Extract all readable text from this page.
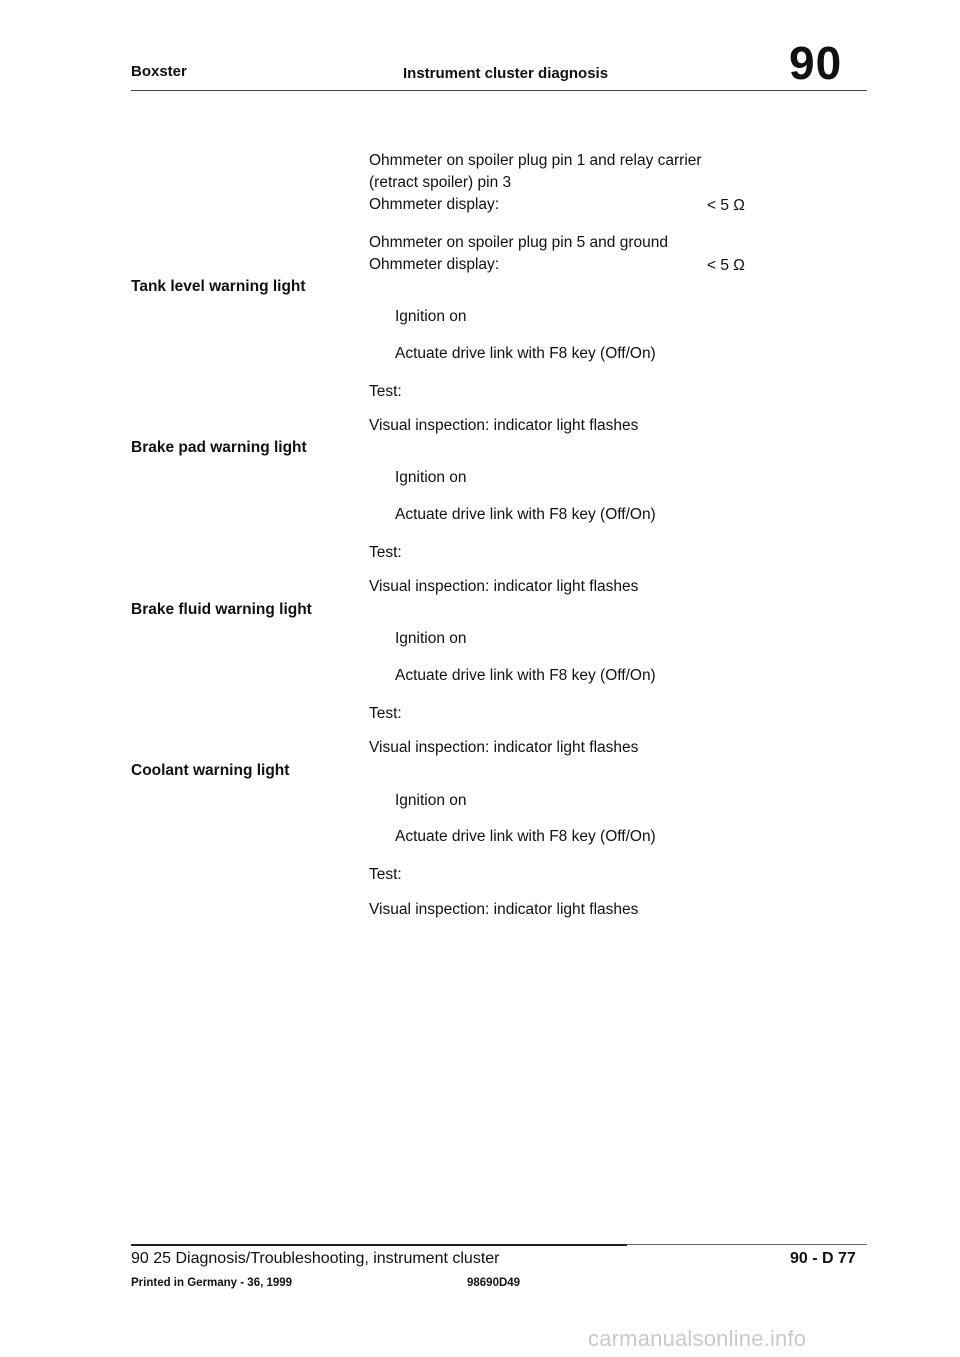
Boxster	Instrument cluster diagnosis	90
Ohmmeter on spoiler plug pin 1 and relay carrier
(retract spoiler) pin 3
Ohmmeter display:	< 5 Ω
Ohmmeter on spoiler plug pin 5 and ground
Ohmmeter display:	< 5 Ω
Tank level warning light
Ignition on
Actuate drive link with F8 key (Off/On)
Test:
Visual inspection: indicator light flashes
Brake pad warning light
Ignition on
Actuate drive link with F8 key (Off/On)
Test:
Visual inspection: indicator light flashes
Brake fluid warning light
Ignition on
Actuate drive link with F8 key (Off/On)
Test:
Visual inspection: indicator light flashes
Coolant warning light
Ignition on
Actuate drive link with F8 key (Off/On)
Test:
Visual inspection: indicator light flashes
90 25 Diagnosis/Troubleshooting, instrument cluster	90 - D 77
Printed in Germany - 36, 1999	98690D49
carmanualsonline.info
